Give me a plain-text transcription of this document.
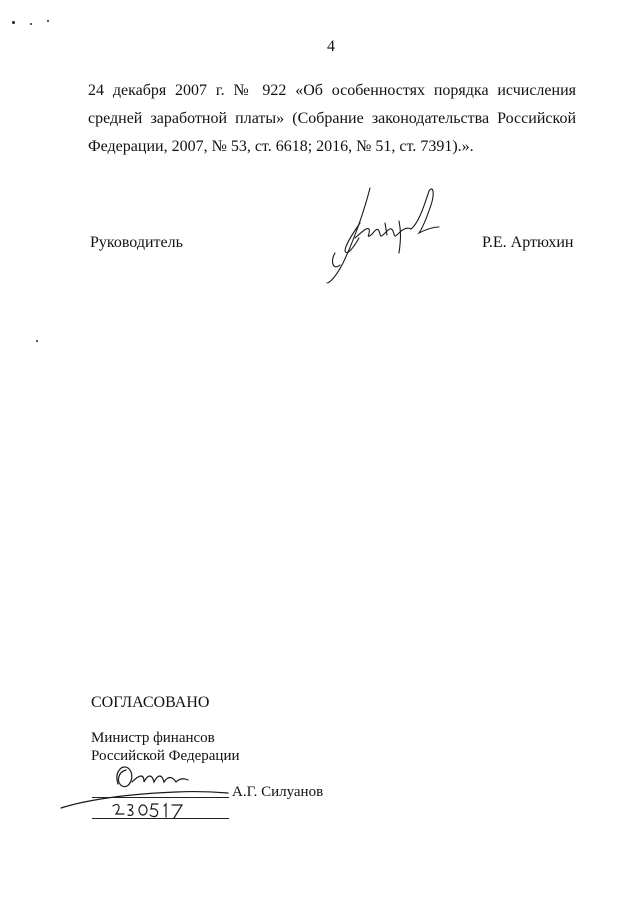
4
24 декабря 2007 г. № 922 «Об особенностях порядка исчисления средней заработной платы» (Собрание законодательства Российской Федерации, 2007, № 53, ст. 6618; 2016, № 51, ст. 7391).».
Руководитель	Р.Е. Артюхин
СОГЛАСОВАНО
Министр финансов
Российской Федерации
А.Г. Силуанов
